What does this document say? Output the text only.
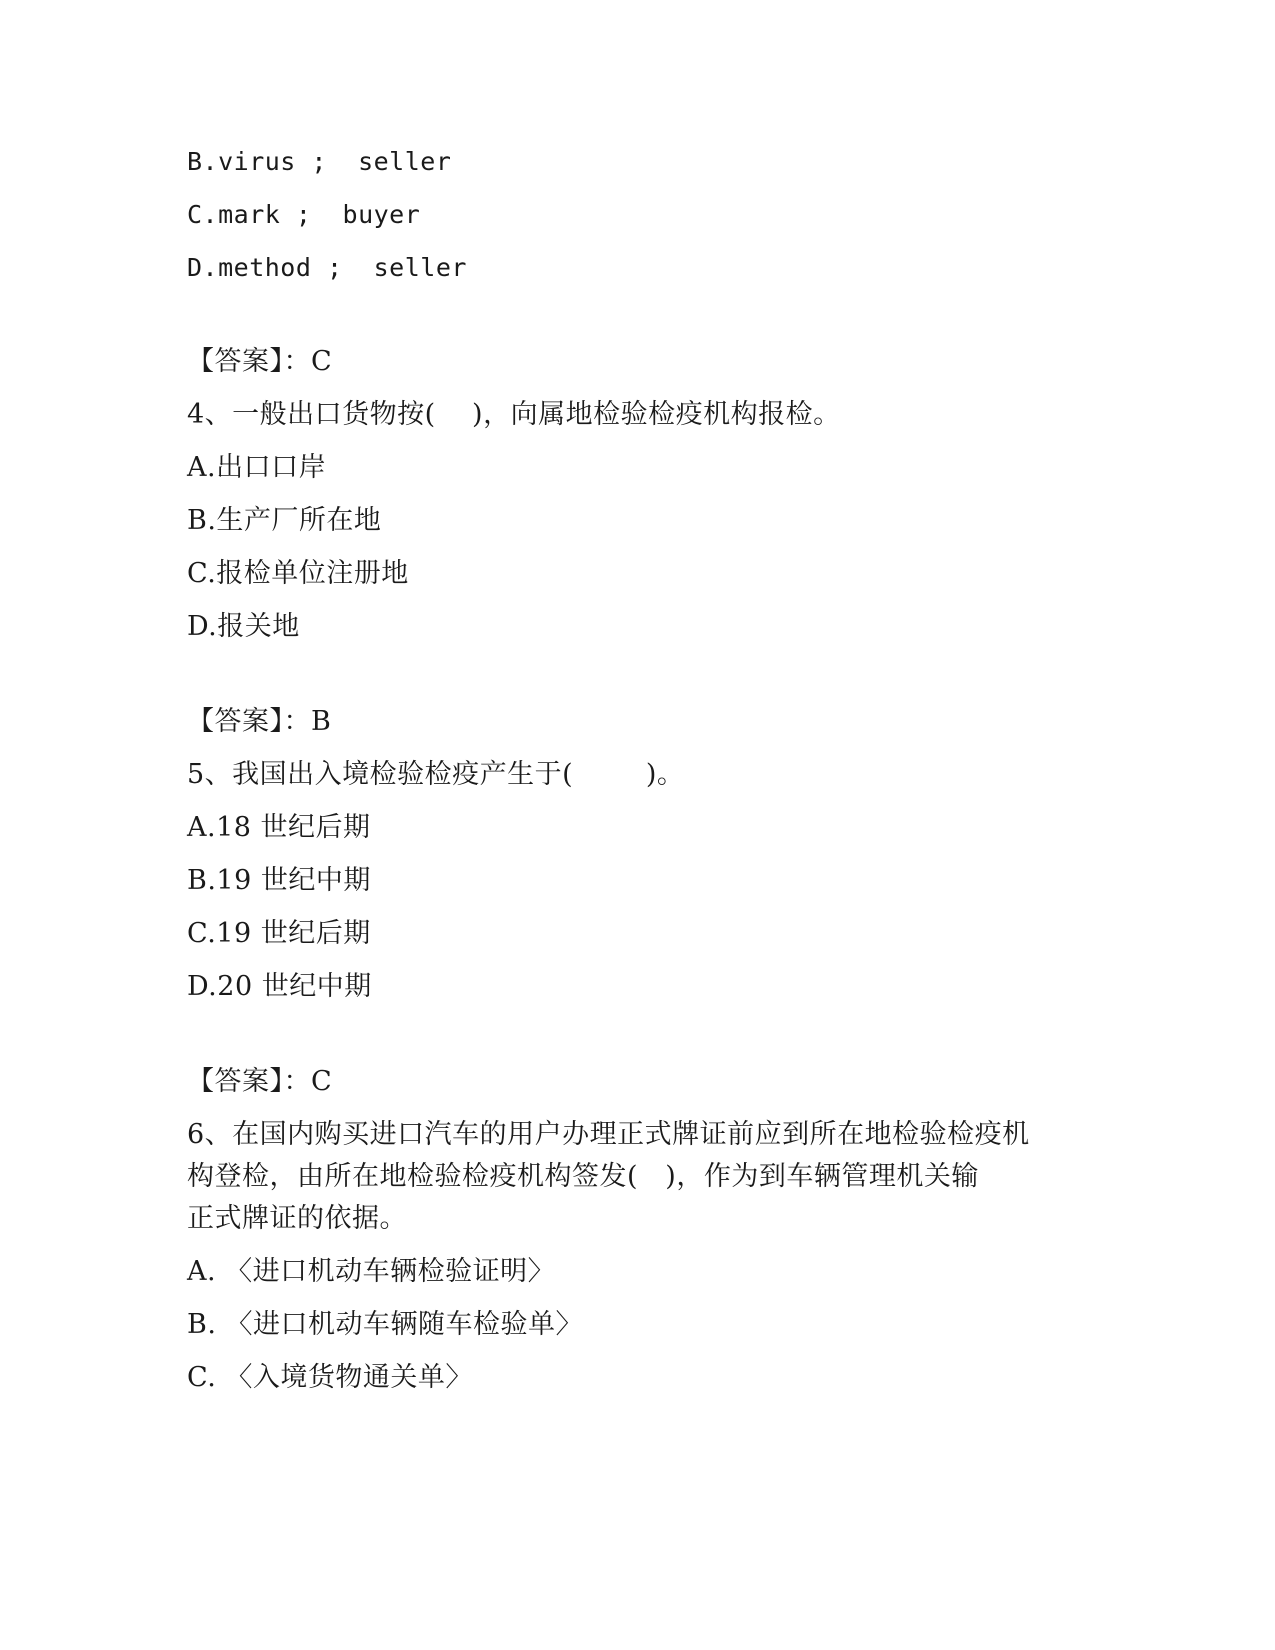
B.virus ;  seller
C.mark ;  buyer
D.method ;  seller
【答案】：C
4、一般出口货物按(    )，向属地检验检疫机构报检。
A.出口口岸
B.生产厂所在地
C.报检单位注册地
D.报关地
【答案】：B
5、我国出入境检验检疫产生于(        )。
A.18 世纪后期
B.19 世纪中期
C.19 世纪后期
D.20 世纪中期
【答案】：C
6、在国内购买进口汽车的用户办理正式牌证前应到所在地检验检疫机
构登检，由所在地检验检疫机构签发(   )，作为到车辆管理机关输
正式牌证的依据。
A. 〈进口机动车辆检验证明〉
B. 〈进口机动车辆随车检验单〉
C. 〈入境货物通关单〉
